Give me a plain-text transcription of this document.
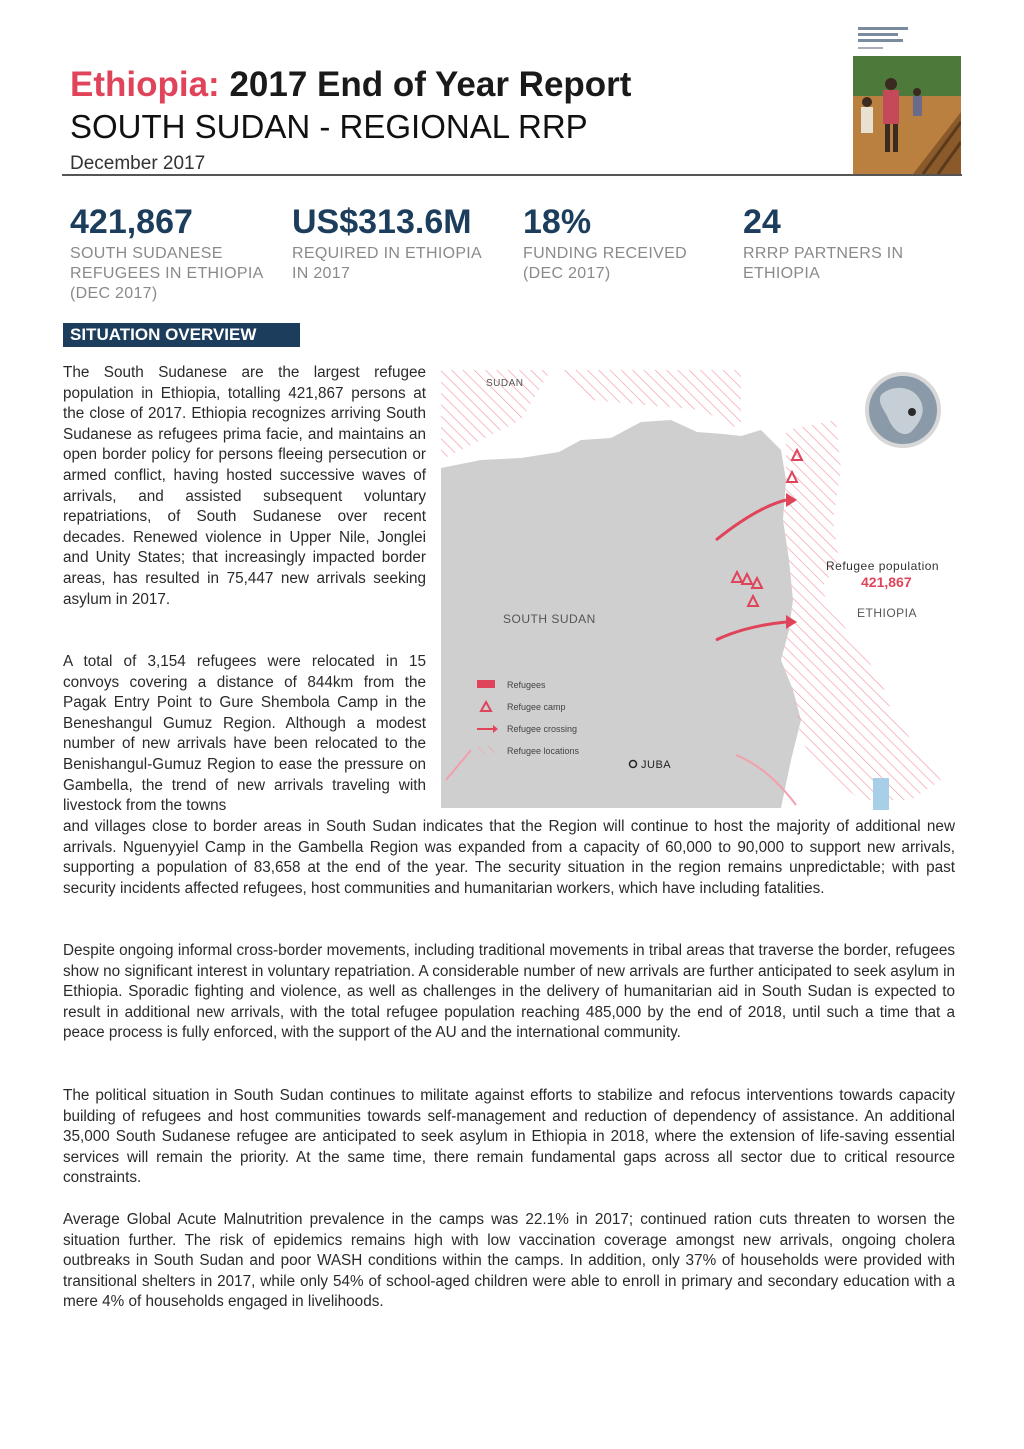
Ethiopia: 2017 End of Year Report
SOUTH SUDAN - REGIONAL RRP
December 2017
421,867
SOUTH SUDANESE REFUGEES IN ETHIOPIA (DEC 2017)
US$313.6M
REQUIRED IN ETHIOPIA IN 2017
18%
FUNDING RECEIVED (DEC 2017)
24
RRRP PARTNERS IN ETHIOPIA
SITUATION OVERVIEW

The South Sudanese are the largest refugee population in Ethiopia, totalling 421,867 persons at the close of 2017. Ethiopia recognizes arriving South Sudanese as refugees prima facie, and maintains an open border policy for persons fleeing persecution or armed conflict, having hosted successive waves of arrivals, and assisted subsequent voluntary repatriations, of South Sudanese over recent decades. Renewed violence in Upper Nile, Jonglei and Unity States; that increasingly impacted border areas, has resulted in 75,447 new arrivals seeking asylum in 2017.

A total of 3,154 refugees were relocated in 15 convoys covering a distance of 844km from the Pagak Entry Point to Gure Shembola Camp in the Beneshangul Gumuz Region. Although a modest number of new arrivals have been relocated to the Benishangul-Gumuz Region to ease the pressure on Gambella, the trend of new arrivals traveling with livestock from the towns

SUDAN
SOUTH SUDAN	ETHIOPIA
JUBA
Refugee population
421,867
Refugees
Refugee camp
Refugee crossing
Refugee locations

and villages close to border areas in South Sudan indicates that the Region will continue to host the majority of additional new arrivals. Nguenyyiel Camp in the Gambella Region was expanded from a capacity of 60,000 to 90,000 to support new arrivals, supporting a population of 83,658 at the end of the year. The security situation in the region remains unpredictable; with past security incidents affected refugees, host communities and humanitarian workers, which have including fatalities.

Despite ongoing informal cross-border movements, including traditional movements in tribal areas that traverse the border, refugees show no significant interest in voluntary repatriation. A considerable number of new arrivals are further anticipated to seek asylum in Ethiopia. Sporadic fighting and violence, as well as challenges in the delivery of humanitarian aid in South Sudan is expected to result in additional new arrivals, with the total refugee population reaching 485,000 by the end of 2018, until such a time that a peace process is fully enforced, with the support of the AU and the international community.

The political situation in South Sudan continues to militate against efforts to stabilize and refocus interventions towards capacity building of refugees and host communities towards self-management and reduction of dependency of assistance. An additional 35,000 South Sudanese refugee are anticipated to seek asylum in Ethiopia in 2018, where the extension of life-saving essential services will remain the priority. At the same time, there remain fundamental gaps across all sector due to critical resource constraints.

Average Global Acute Malnutrition prevalence in the camps was 22.1% in 2017; continued ration cuts threaten to worsen the situation further. The risk of epidemics remains high with low vaccination coverage amongst new arrivals, ongoing cholera outbreaks in South Sudan and poor WASH conditions within the camps. In addition, only 37% of households were provided with transitional shelters in 2017, while only 54% of school-aged children were able to enroll in primary and secondary education with a mere 4% of households engaged in livelihoods.
